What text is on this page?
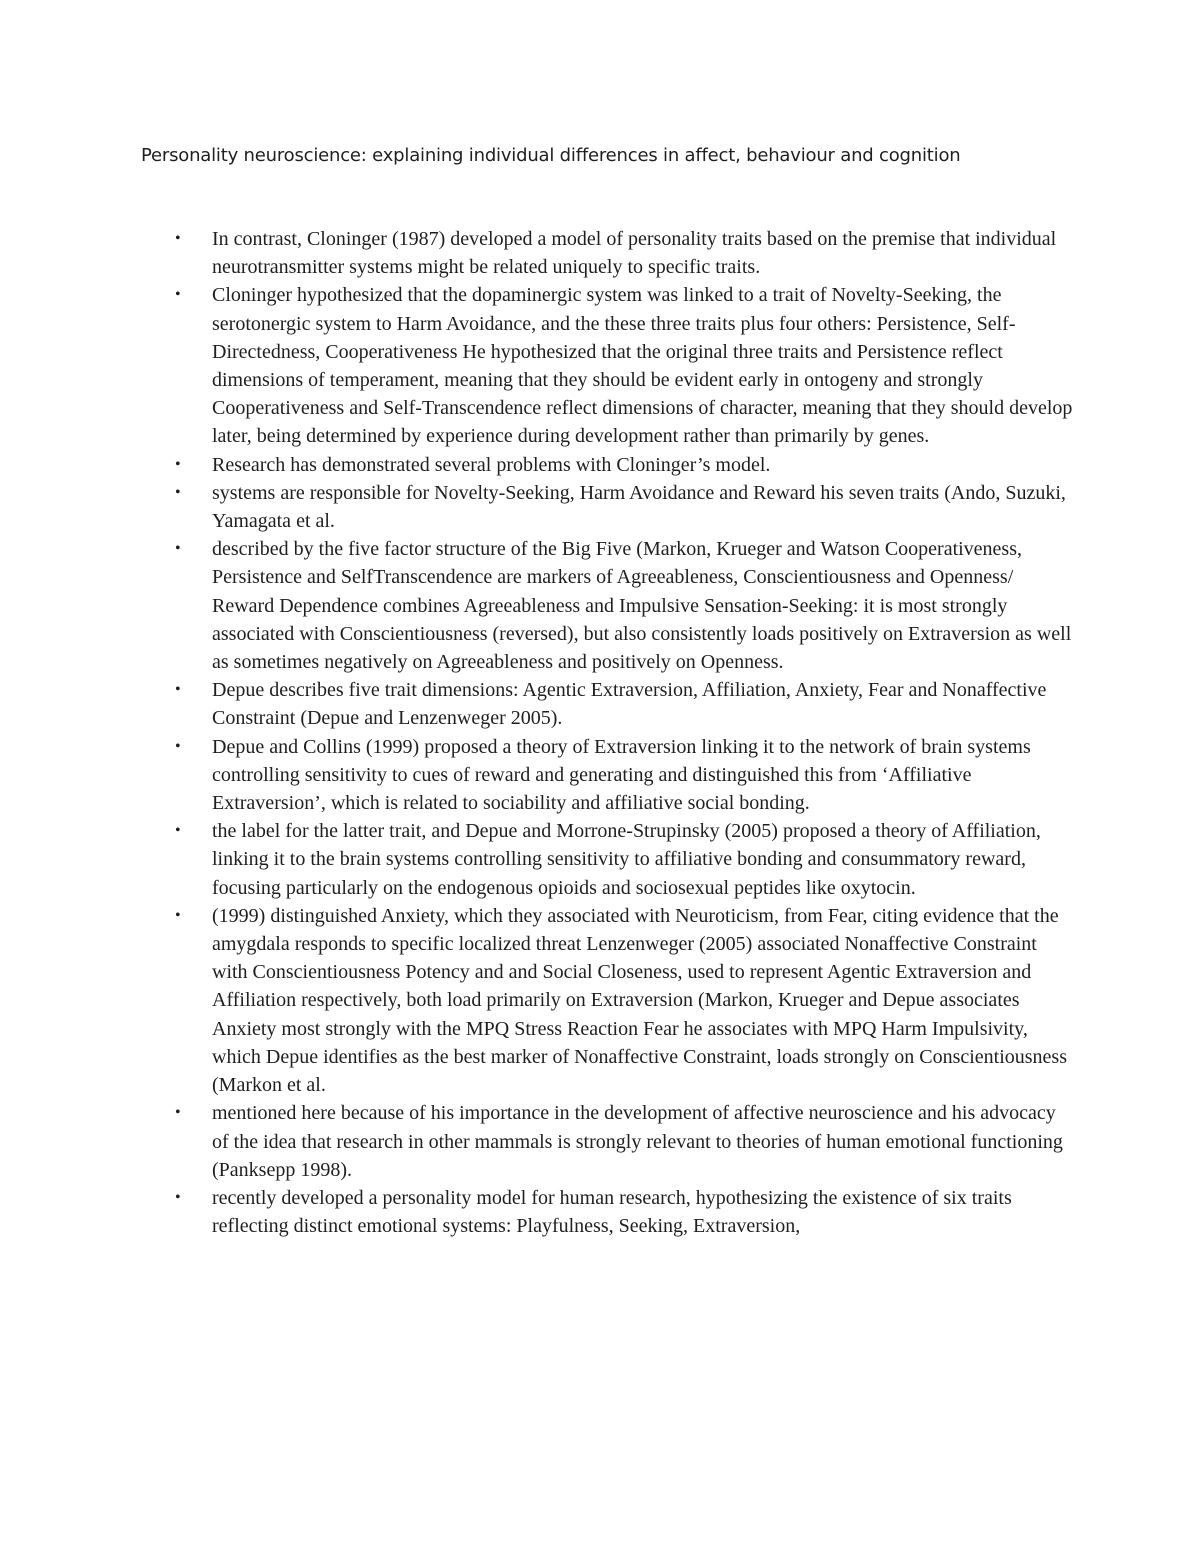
Personality neuroscience: explaining individual differences in affect, behaviour and cognition
• In contrast, Cloninger (1987) developed a model of personality traits based on the premise that individual neurotransmitter systems might be related uniquely to specific traits.
• Cloninger hypothesized that the dopaminergic system was linked to a trait of Novelty-Seeking, the serotonergic system to Harm Avoidance, and the these three traits plus four others: Persistence, Self-Directedness, Cooperativeness He hypothesized that the original three traits and Persistence reflect dimensions of temperament, meaning that they should be evident early in ontogeny and strongly Cooperativeness and Self-Transcendence reflect dimensions of character, meaning that they should develop later, being determined by experience during development rather than primarily by genes.
• Research has demonstrated several problems with Cloninger’s model.
• systems are responsible for Novelty-Seeking, Harm Avoidance and Reward his seven traits (Ando, Suzuki, Yamagata et al.
• described by the five factor structure of the Big Five (Markon, Krueger and Watson Cooperativeness, Persistence and SelfTranscendence are markers of Agreeableness, Conscientiousness and Openness/ Reward Dependence combines Agreeableness and Impulsive Sensation-Seeking: it is most strongly associated with Conscientiousness (reversed), but also consistently loads positively on Extraversion as well as sometimes negatively on Agreeableness and positively on Openness.
• Depue describes five trait dimensions: Agentic Extraversion, Affiliation, Anxiety, Fear and Nonaffective Constraint (Depue and Lenzenweger 2005).
• Depue and Collins (1999) proposed a theory of Extraversion linking it to the network of brain systems controlling sensitivity to cues of reward and generating and distinguished this from ‘Affiliative Extraversion’, which is related to sociability and affiliative social bonding.
• the label for the latter trait, and Depue and Morrone-Strupinsky (2005) proposed a theory of Affiliation, linking it to the brain systems controlling sensitivity to affiliative bonding and consummatory reward, focusing particularly on the endogenous opioids and sociosexual peptides like oxytocin.
• (1999) distinguished Anxiety, which they associated with Neuroticism, from Fear, citing evidence that the amygdala responds to specific localized threat Lenzenweger (2005) associated Nonaffective Constraint with Conscientiousness Potency and and Social Closeness, used to represent Agentic Extraversion and Affiliation respectively, both load primarily on Extraversion (Markon, Krueger and Depue associates Anxiety most strongly with the MPQ Stress Reaction Fear he associates with MPQ Harm Impulsivity, which Depue identifies as the best marker of Nonaffective Constraint, loads strongly on Conscientiousness (Markon et al.
• mentioned here because of his importance in the development of affective neuroscience and his advocacy of the idea that research in other mammals is strongly relevant to theories of human emotional functioning (Panksepp 1998).
• recently developed a personality model for human research, hypothesizing the existence of six traits reflecting distinct emotional systems: Playfulness, Seeking, Extraversion,
